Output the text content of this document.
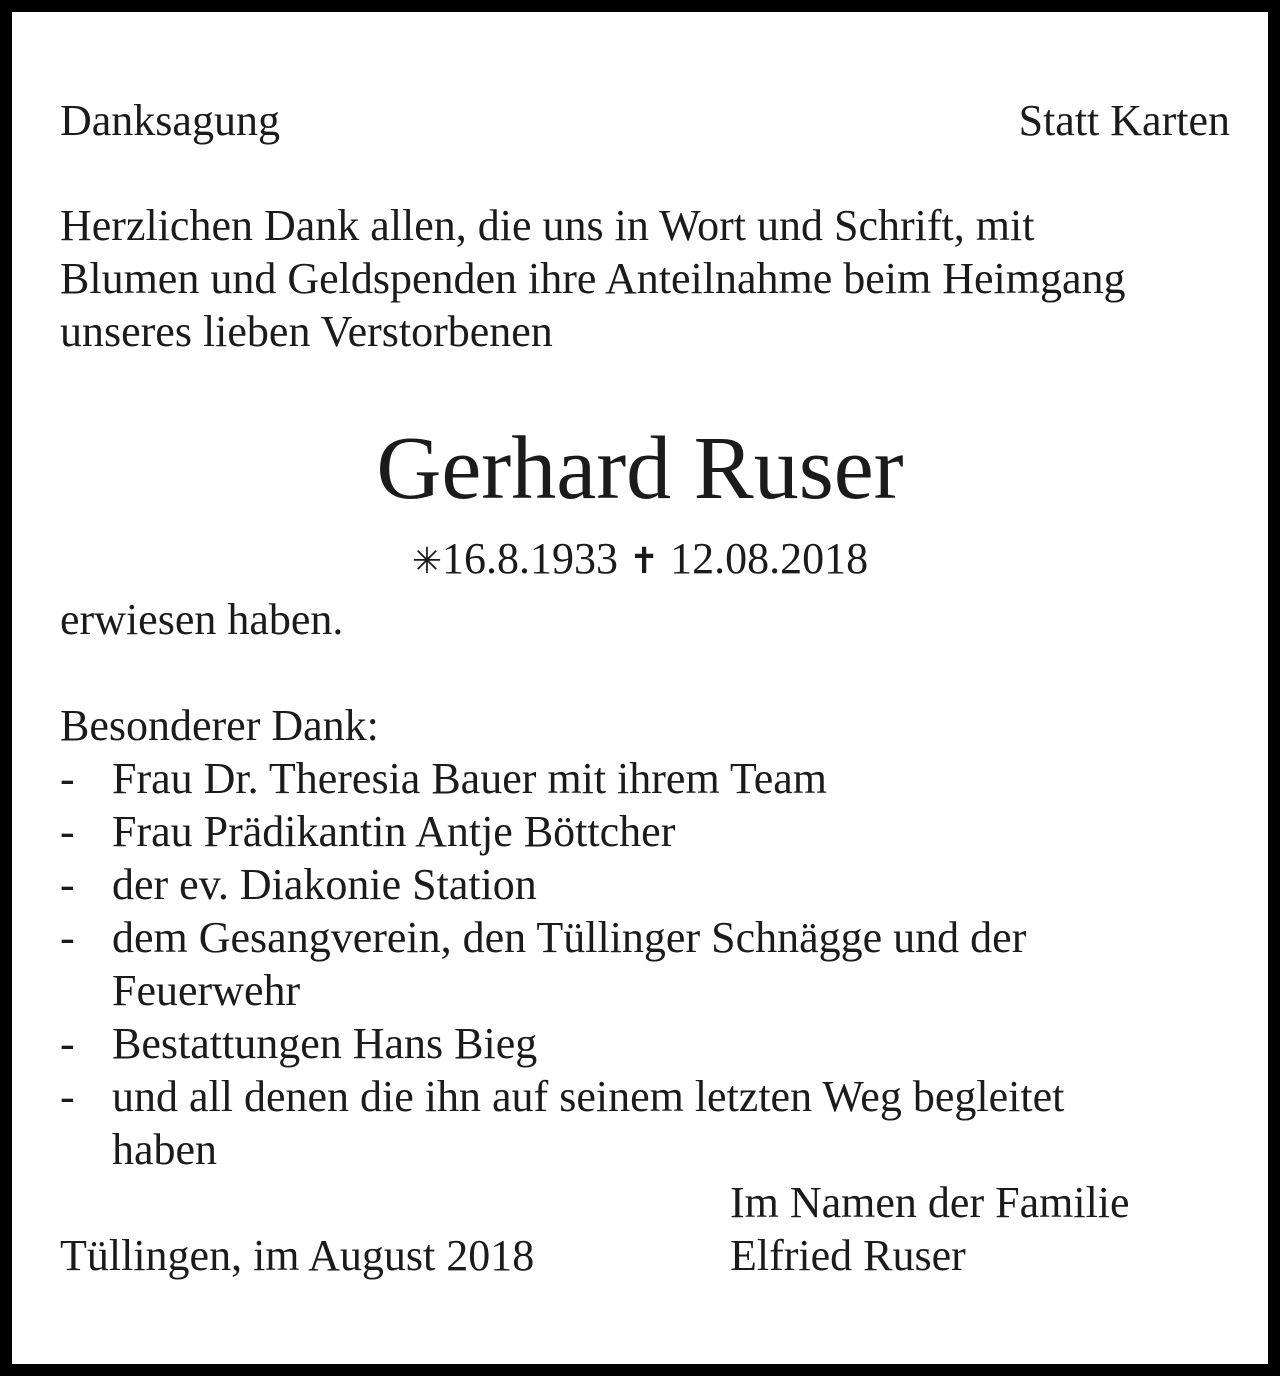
Danksagung	Statt Karten
Herzlichen Dank allen, die uns in Wort und Schrift, mit
Blumen und Geldspenden ihre Anteilnahme beim Heimgang
unseres lieben Verstorbenen
Gerhard Ruser
✳16.8.1933 ✝ 12.08.2018
erwiesen haben.
Besonderer Dank:
- Frau Dr. Theresia Bauer mit ihrem Team
- Frau Prädikantin Antje Böttcher
- der ev. Diakonie Station
- dem Gesangverein, den Tüllinger Schnägge und der
Feuerwehr
- Bestattungen Hans Bieg
- und all denen die ihn auf seinem letzten Weg begleitet
haben
Tüllingen, im August 2018
Im Namen der Familie
Elfried Ruser
